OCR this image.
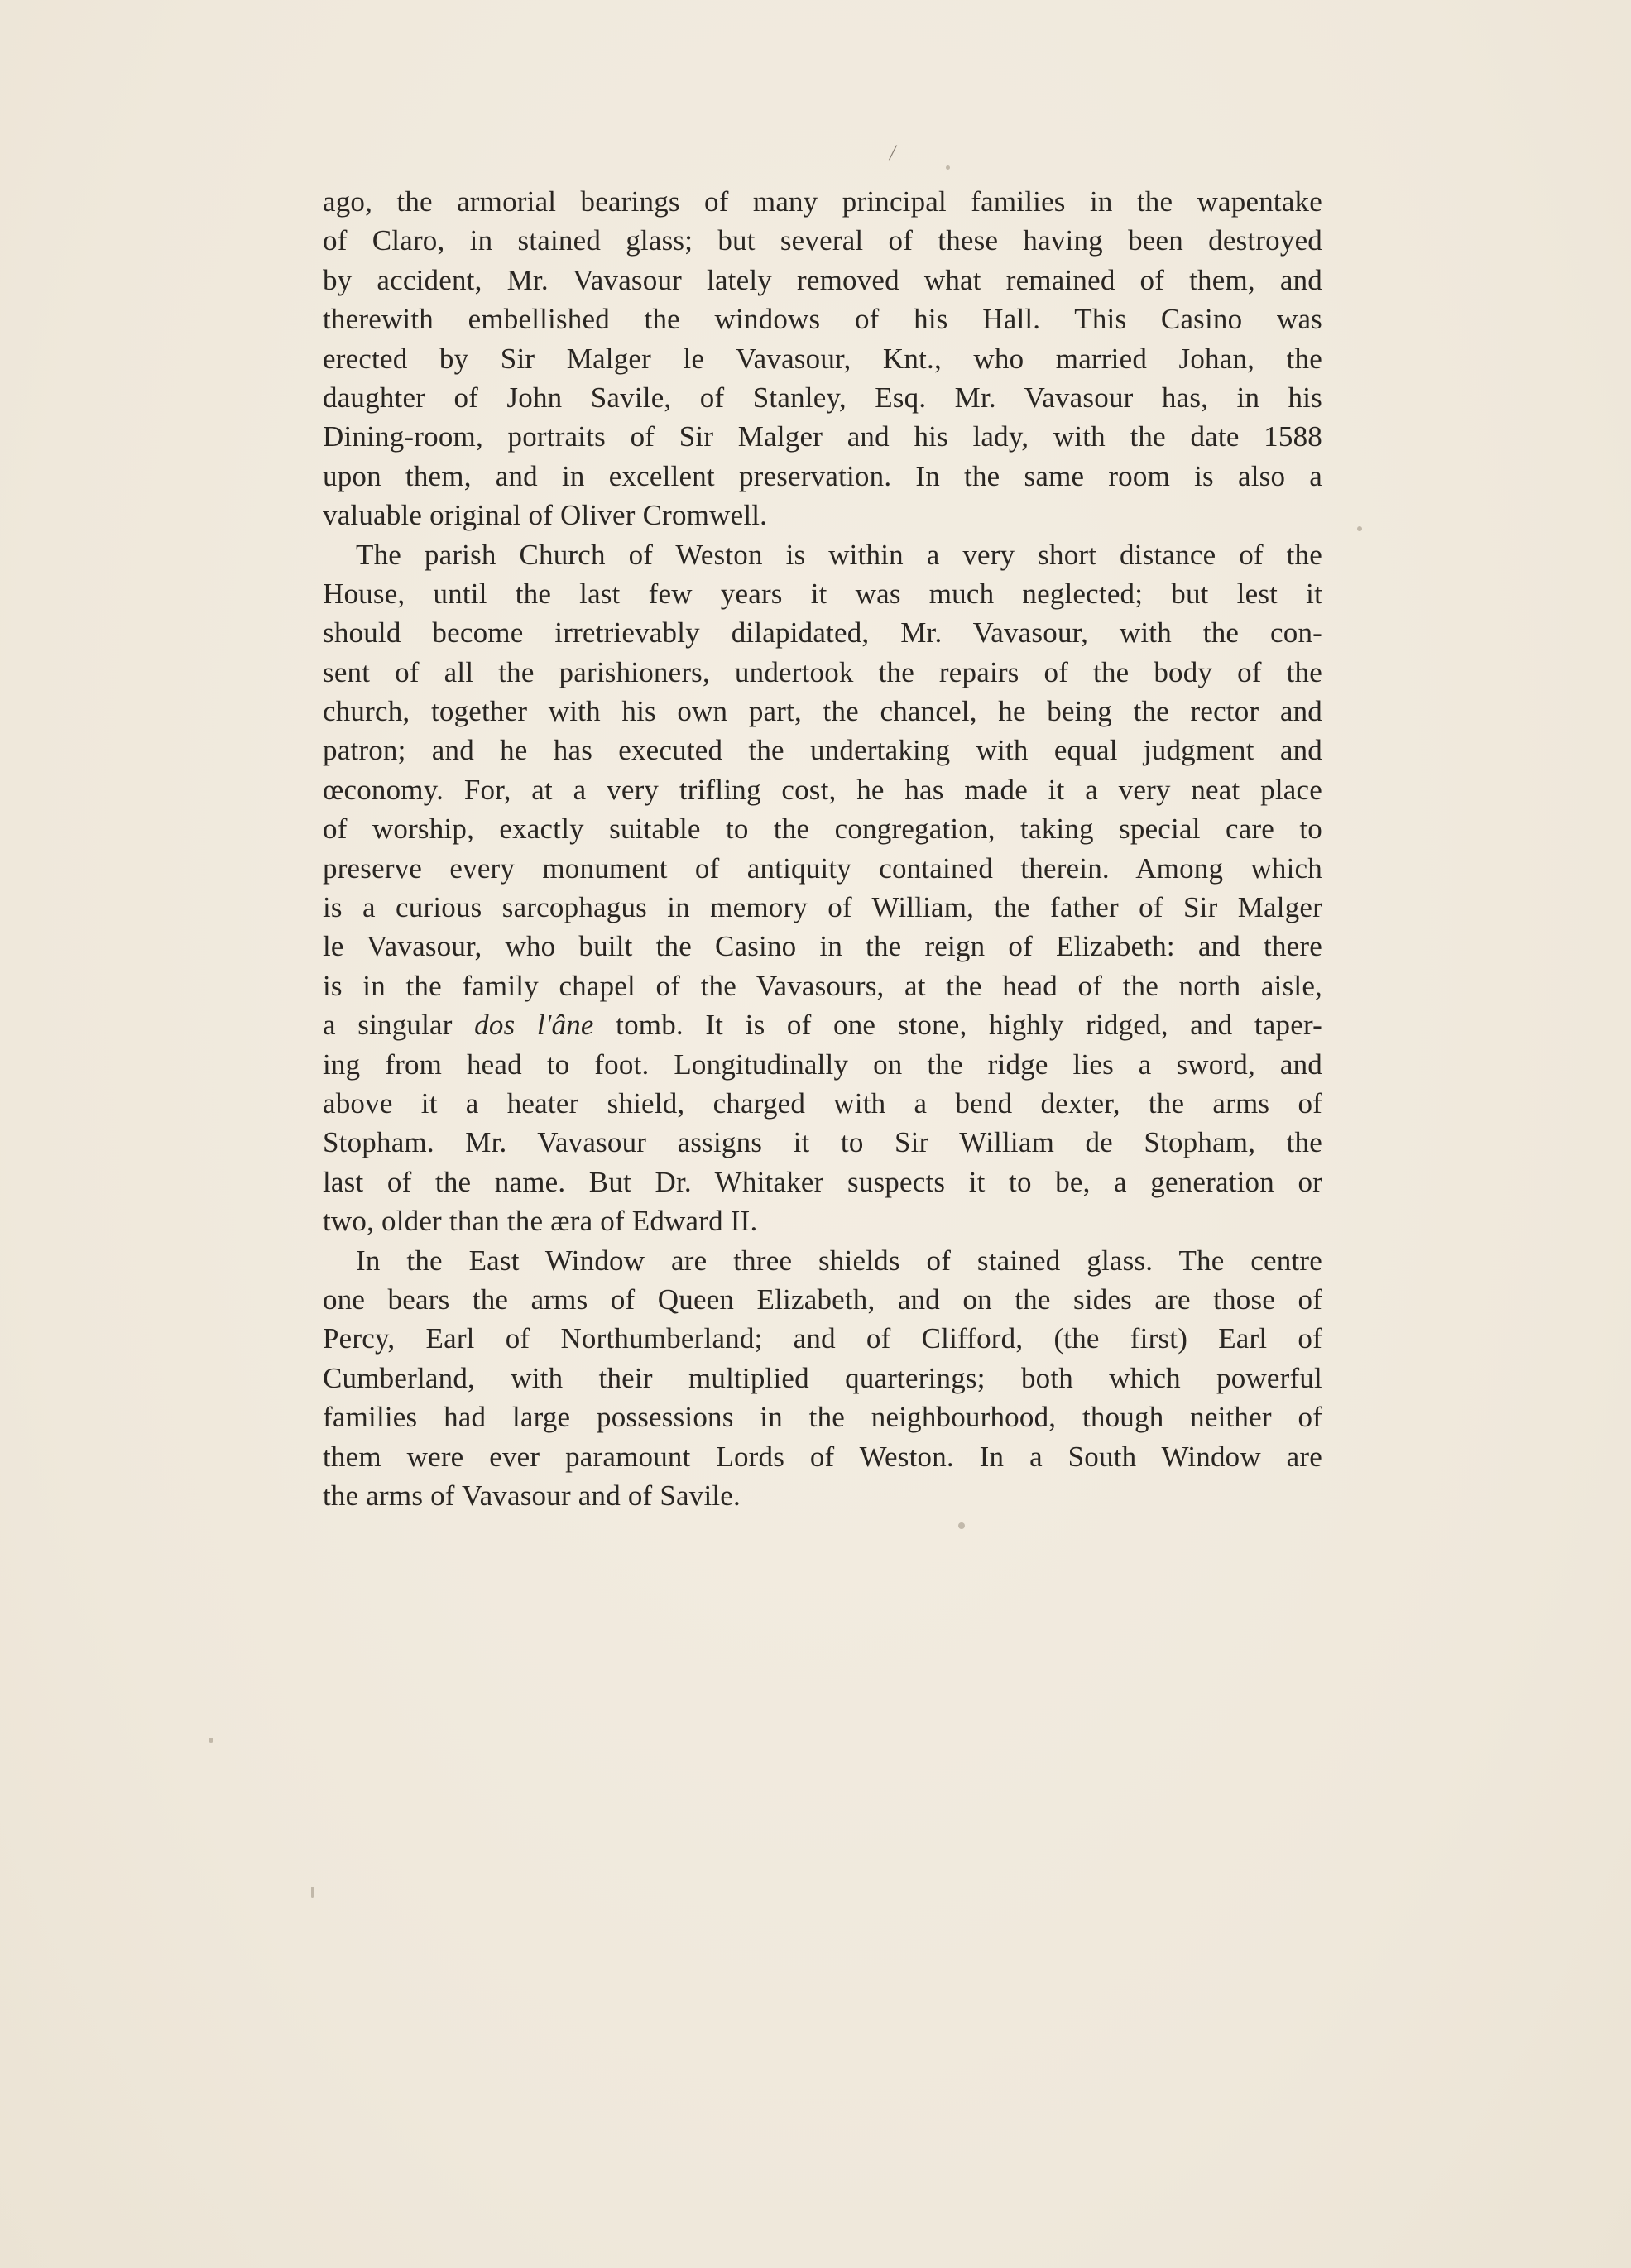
/
ago, the armorial bearings of many principal families in the wapentake
of Claro, in stained glass; but several of these having been destroyed
by accident, Mr. Vavasour lately removed what remained of them, and
therewith embellished the windows of his Hall. This Casino was
erected by Sir Malger le Vavasour, Knt., who married Johan, the
daughter of John Savile, of Stanley, Esq. Mr. Vavasour has, in his
Dining-room, portraits of Sir Malger and his lady, with the date 1588
upon them, and in excellent preservation. In the same room is also a
valuable original of Oliver Cromwell.
The parish Church of Weston is within a very short distance of the
House, until the last few years it was much neglected; but lest it
should become irretrievably dilapidated, Mr. Vavasour, with the con-
sent of all the parishioners, undertook the repairs of the body of the
church, together with his own part, the chancel, he being the rector and
patron; and he has executed the undertaking with equal judgment and
œconomy. For, at a very trifling cost, he has made it a very neat place
of worship, exactly suitable to the congregation, taking special care to
preserve every monument of antiquity contained therein. Among which
is a curious sarcophagus in memory of William, the father of Sir Malger
le Vavasour, who built the Casino in the reign of Elizabeth: and there
is in the family chapel of the Vavasours, at the head of the north aisle,
a singular dos l'âne tomb. It is of one stone, highly ridged, and taper-
ing from head to foot. Longitudinally on the ridge lies a sword, and
above it a heater shield, charged with a bend dexter, the arms of
Stopham. Mr. Vavasour assigns it to Sir William de Stopham, the
last of the name. But Dr. Whitaker suspects it to be, a generation or
two, older than the æra of Edward II.
In the East Window are three shields of stained glass. The centre
one bears the arms of Queen Elizabeth, and on the sides are those of
Percy, Earl of Northumberland; and of Clifford, (the first) Earl of
Cumberland, with their multiplied quarterings; both which powerful
families had large possessions in the neighbourhood, though neither of
them were ever paramount Lords of Weston. In a South Window are
the arms of Vavasour and of Savile.
